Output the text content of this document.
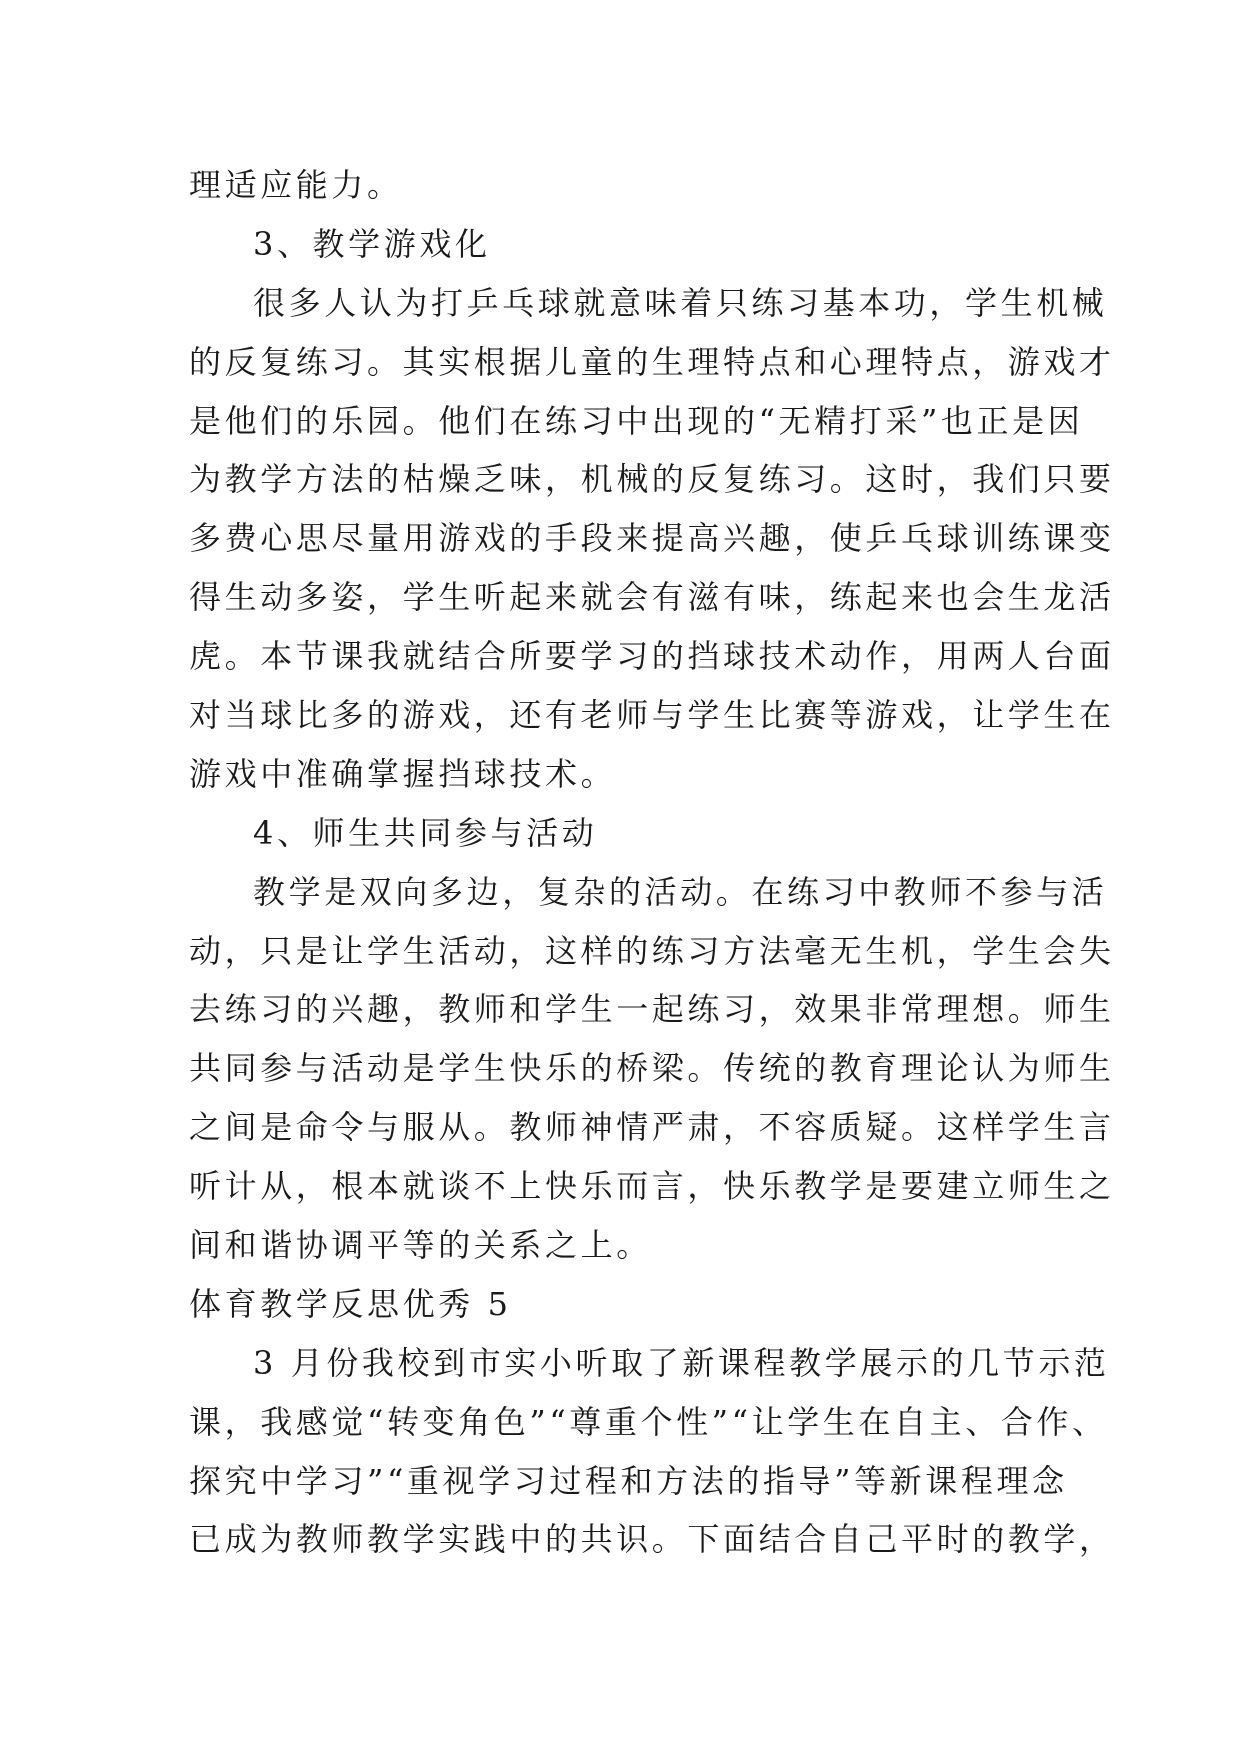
理适应能力。
3、教学游戏化
很多人认为打乒乓球就意味着只练习基本功，学生机械
的反复练习。其实根据儿童的生理特点和心理特点，游戏才
是他们的乐园。他们在练习中出现的“无精打采”也正是因
为教学方法的枯燥乏味，机械的反复练习。这时，我们只要
多费心思尽量用游戏的手段来提高兴趣，使乒乓球训练课变
得生动多姿，学生听起来就会有滋有味，练起来也会生龙活
虎。本节课我就结合所要学习的挡球技术动作，用两人台面
对当球比多的游戏，还有老师与学生比赛等游戏，让学生在
游戏中准确掌握挡球技术。
4、师生共同参与活动
教学是双向多边，复杂的活动。在练习中教师不参与活
动，只是让学生活动，这样的练习方法毫无生机，学生会失
去练习的兴趣，教师和学生一起练习，效果非常理想。师生
共同参与活动是学生快乐的桥梁。传统的教育理论认为师生
之间是命令与服从。教师神情严肃，不容质疑。这样学生言
听计从，根本就谈不上快乐而言，快乐教学是要建立师生之
间和谐协调平等的关系之上。
体育教学反思优秀 5
3 月份我校到市实小听取了新课程教学展示的几节示范
课，我感觉“转变角色”“尊重个性”“让学生在自主、合作、
探究中学习”“重视学习过程和方法的指导”等新课程理念
已成为教师教学实践中的共识。下面结合自己平时的教学，
